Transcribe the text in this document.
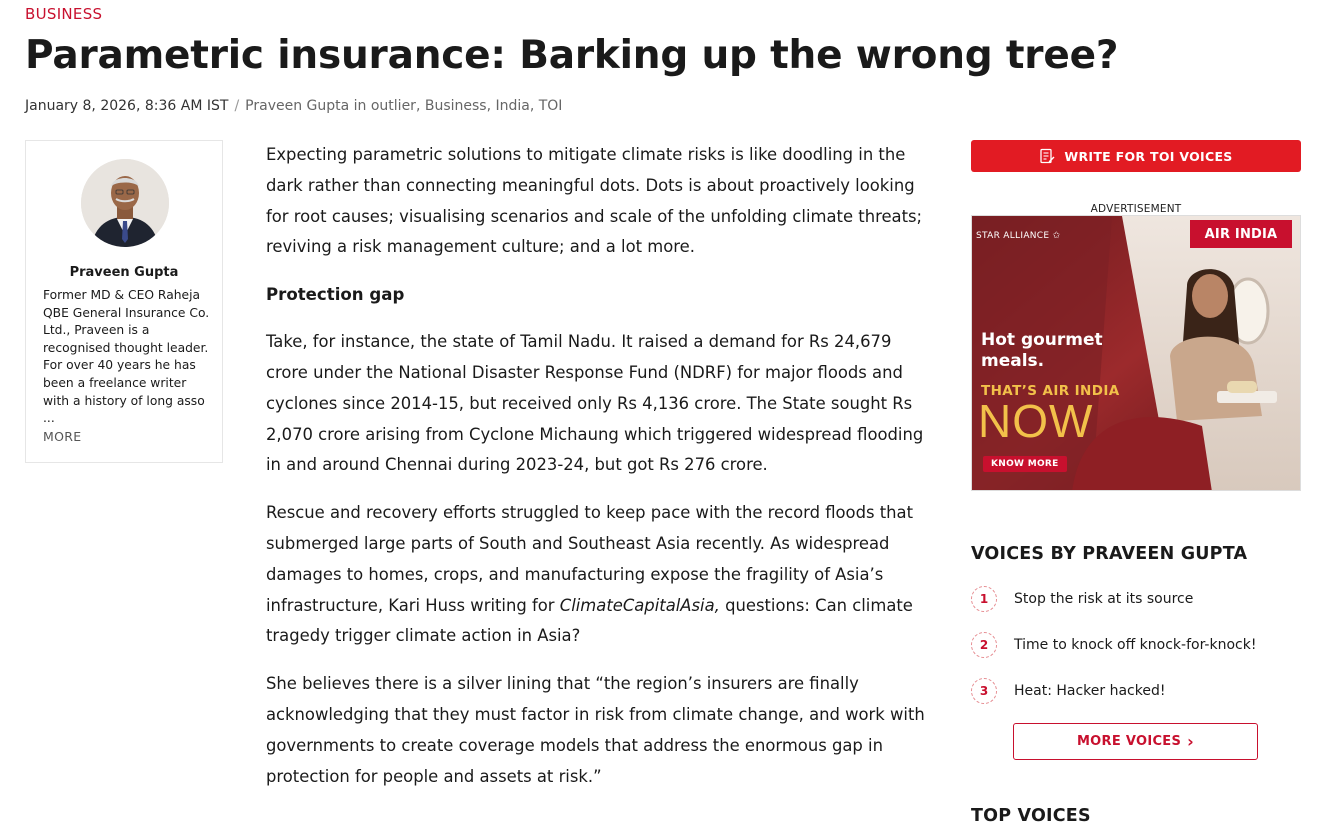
BUSINESS
Parametric insurance: Barking up the wrong tree?
January 8, 2026, 8:36 AM IST / Praveen Gupta in outlier, Business, India, TOI
Praveen Gupta
Former MD & CEO Raheja QBE General Insurance Co. Ltd., Praveen is a recognised thought leader. For over 40 years he has been a freelance writer with a history of long asso ...
MORE

Expecting parametric solutions to mitigate climate risks is like doodling in the dark rather than connecting meaningful dots. Dots is about proactively looking for root causes; visualising scenarios and scale of the unfolding climate threats; reviving a risk management culture; and a lot more.

Protection gap

Take, for instance, the state of Tamil Nadu. It raised a demand for Rs 24,679 crore under the National Disaster Response Fund (NDRF) for major floods and cyclones since 2014-15, but received only Rs 4,136 crore. The State sought Rs 2,070 crore arising from Cyclone Michaung which triggered widespread flooding in and around Chennai during 2023-24, but got Rs 276 crore.

Rescue and recovery efforts struggled to keep pace with the record floods that submerged large parts of South and Southeast Asia recently. As widespread damages to homes, crops, and manufacturing expose the fragility of Asia’s infrastructure, Kari Huss writing for ClimateCapitalAsia, questions: Can climate tragedy trigger climate action in Asia?

She believes there is a silver lining that “the region’s insurers are finally acknowledging that they must factor in risk from climate change, and work with governments to create coverage models that address the enormous gap in protection for people and assets at risk.”

WRITE FOR TOI VOICES
ADVERTISEMENT
STAR ALLIANCE ✩	AIR INDIA
Hot gourmet meals.
THAT’S AIR INDIA
NOW
KNOW MORE
VOICES BY PRAVEEN GUPTA
1	Stop the risk at its source
2	Time to knock off knock-for-knock!
3	Heat: Hacker hacked!
MORE VOICES ›
TOP VOICES
